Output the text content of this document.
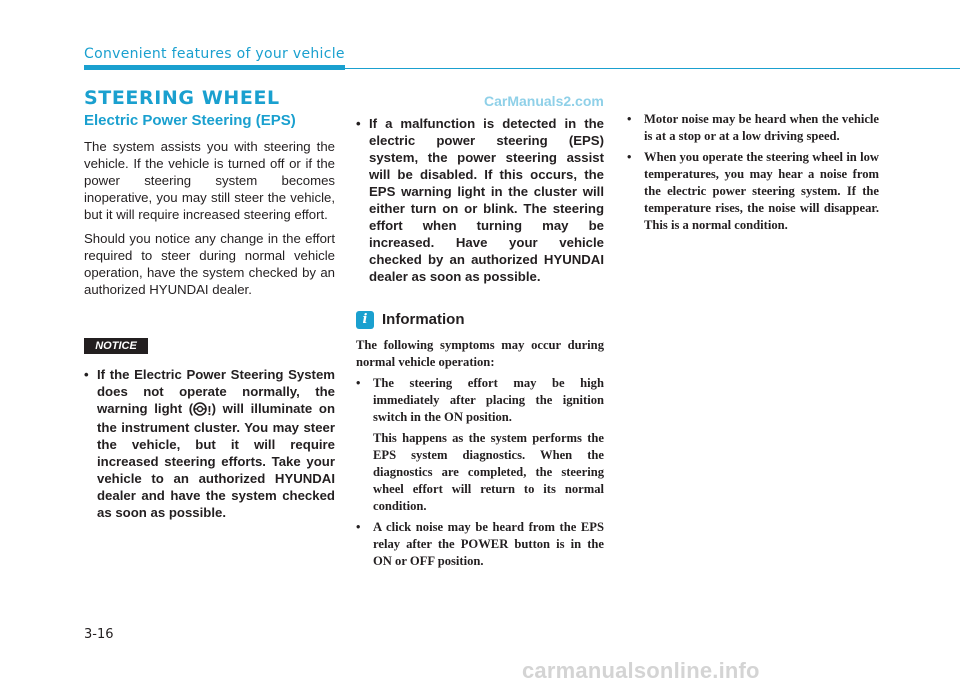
Convenient features of your vehicle
STEERING WHEEL	CarManuals2.com
Electric Power Steering (EPS)

The system assists you with steering the vehicle. If the vehicle is turned off or if the power steering system becomes inoperative, you may still steer the vehicle, but it will require increased steering effort.

Should you notice any change in the effort required to steer during normal vehicle operation, have the system checked by an authorized HYUNDAI dealer.

NOTICE
• If the Electric Power Steering System does not operate normally, the warning light ( !) will illuminate on the instrument cluster. You may steer the vehicle, but it will require increased steering efforts. Take your vehicle to an authorized HYUNDAI dealer and have the system checked as soon as possible.
• If a malfunction is detected in the electric power steering (EPS) system, the power steering assist will be disabled. If this occurs, the EPS warning light in the cluster will either turn on or blink. The steering effort when turning may be increased. Have your vehicle checked by an authorized HYUNDAI dealer as soon as possible.
i Information

The following symptoms may occur during normal vehicle operation:

• The steering effort may be high immediately after placing the ignition switch in the ON position.

This happens as the system performs the EPS system diagnostics. When the diagnostics are completed, the steering wheel effort will return to its normal condition.

• A click noise may be heard from the EPS relay after the POWER button is in the ON or OFF position.

• Motor noise may be heard when the vehicle is at a stop or at a low driving speed.

• When you operate the steering wheel in low temperatures, you may hear a noise from the electric power steering system. If the temperature rises, the noise will disappear. This is a normal condition.

3-16
carmanualsonline.info
